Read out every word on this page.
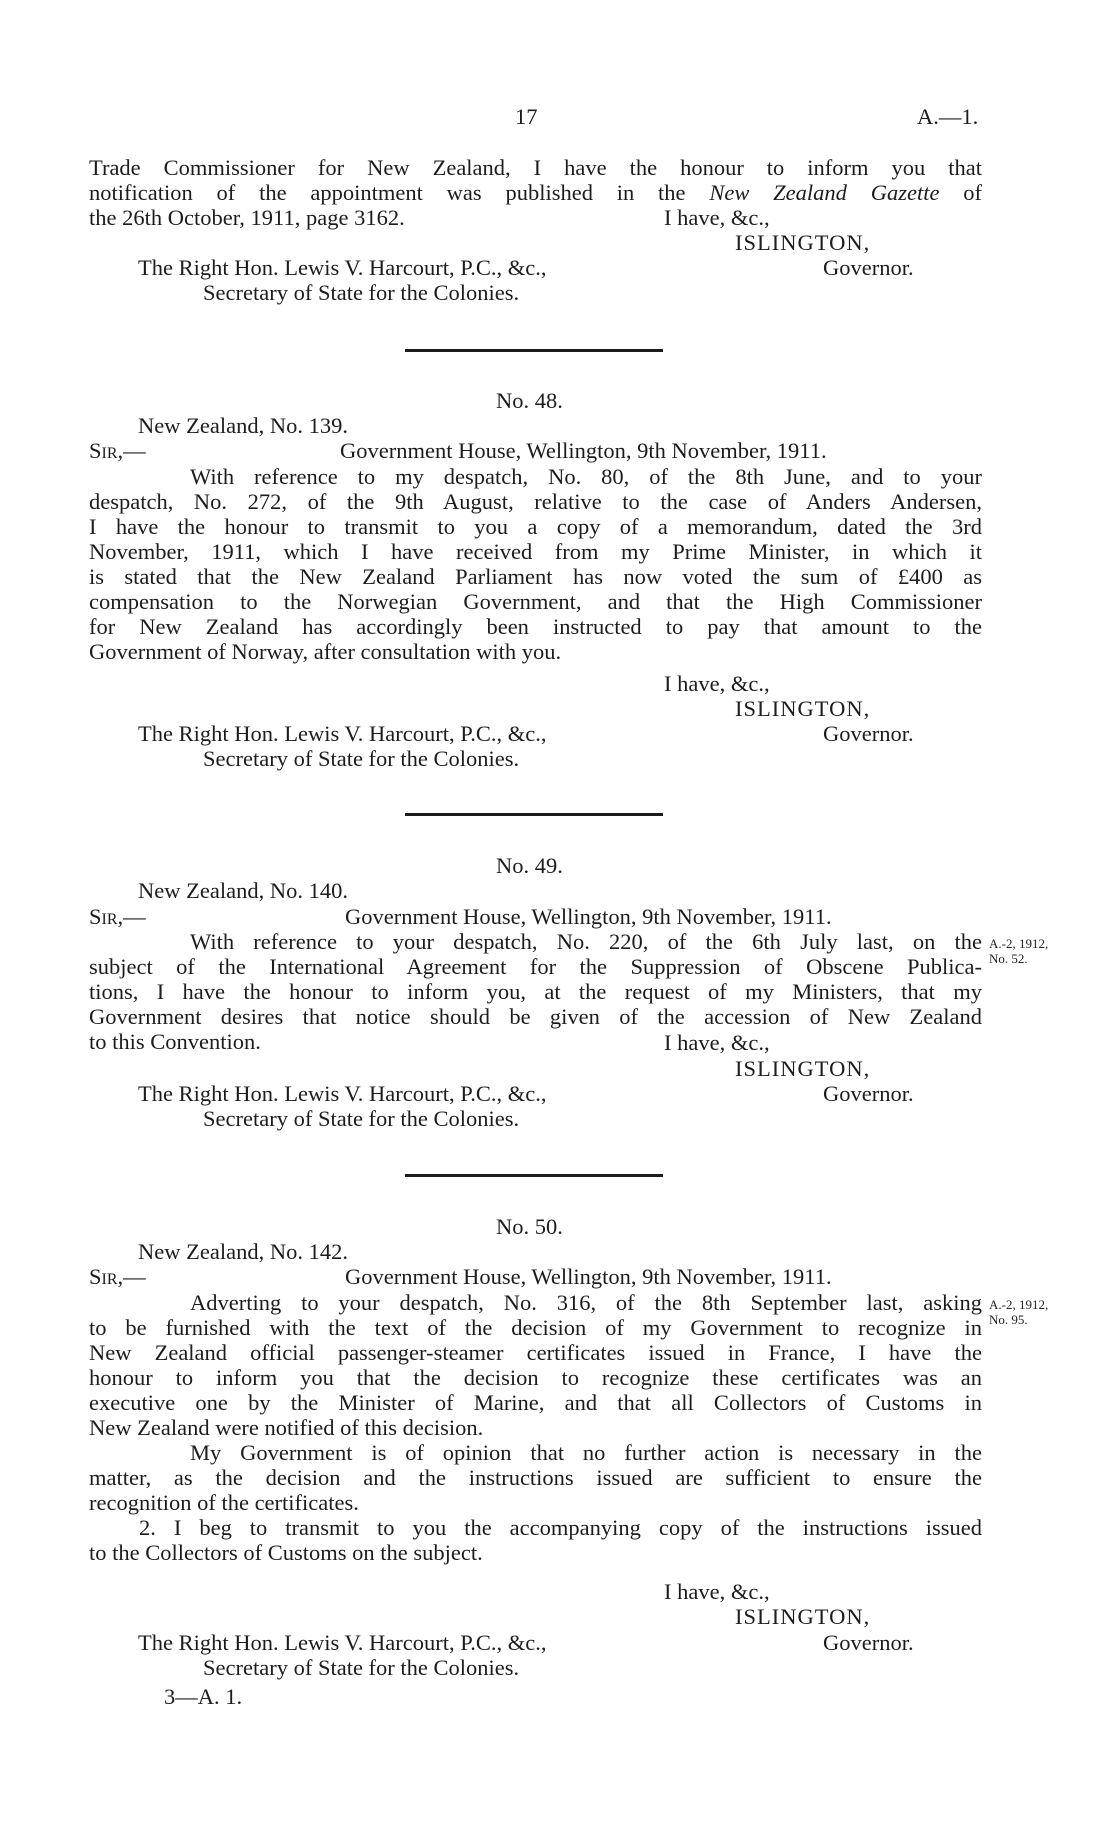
17	A.—1.
Trade Commissioner for New Zealand, I have the honour to inform you that
notification of the appointment was published in the New Zealand Gazette of
the 26th October, 1911, page 3162.	I have, &c.,
ISLINGTON,
The Right Hon. Lewis V. Harcourt, P.C., &c.,	Governor.
Secretary of State for the Colonies.
No. 48.
New Zealand, No. 139.
Sir,—	Government House, Wellington, 9th November, 1911.
With reference to my despatch, No. 80, of the 8th June, and to your
despatch, No. 272, of the 9th August, relative to the case of Anders Andersen,
I have the honour to transmit to you a copy of a memorandum, dated the 3rd
November, 1911, which I have received from my Prime Minister, in which it
is stated that the New Zealand Parliament has now voted the sum of £400 as
compensation to the Norwegian Government, and that the High Commissioner
for New Zealand has accordingly been instructed to pay that amount to the
Government of Norway, after consultation with you.
I have, &c.,
ISLINGTON,
The Right Hon. Lewis V. Harcourt, P.C., &c.,	Governor.
Secretary of State for the Colonies.
No. 49.
New Zealand, No. 140.
Sir,—	Government House, Wellington, 9th November, 1911.
With reference to your despatch, No. 220, of the 6th July last, on the
subject of the International Agreement for the Suppression of Obscene Publica-
tions, I have the honour to inform you, at the request of my Ministers, that my
Government desires that notice should be given of the accession of New Zealand
to this Convention.
A.-2, 1912,
No. 52.
I have, &c.,
ISLINGTON,
The Right Hon. Lewis V. Harcourt, P.C., &c.,	Governor.
Secretary of State for the Colonies.
No. 50.
New Zealand, No. 142.
Sir,—	Government House, Wellington, 9th November, 1911.
Adverting to your despatch, No. 316, of the 8th September last, asking
to be furnished with the text of the decision of my Government to recognize in
New Zealand official passenger-steamer certificates issued in France, I have the
honour to inform you that the decision to recognize these certificates was an
executive one by the Minister of Marine, and that all Collectors of Customs in
New Zealand were notified of this decision.
My Government is of opinion that no further action is necessary in the
matter, as the decision and the instructions issued are sufficient to ensure the
recognition of the certificates.
2. I beg to transmit to you the accompanying copy of the instructions issued
to the Collectors of Customs on the subject.
A.-2, 1912,
No. 95.
I have, &c.,
ISLINGTON,
The Right Hon. Lewis V. Harcourt, P.C., &c.,	Governor.
Secretary of State for the Colonies.
3—A. 1.
